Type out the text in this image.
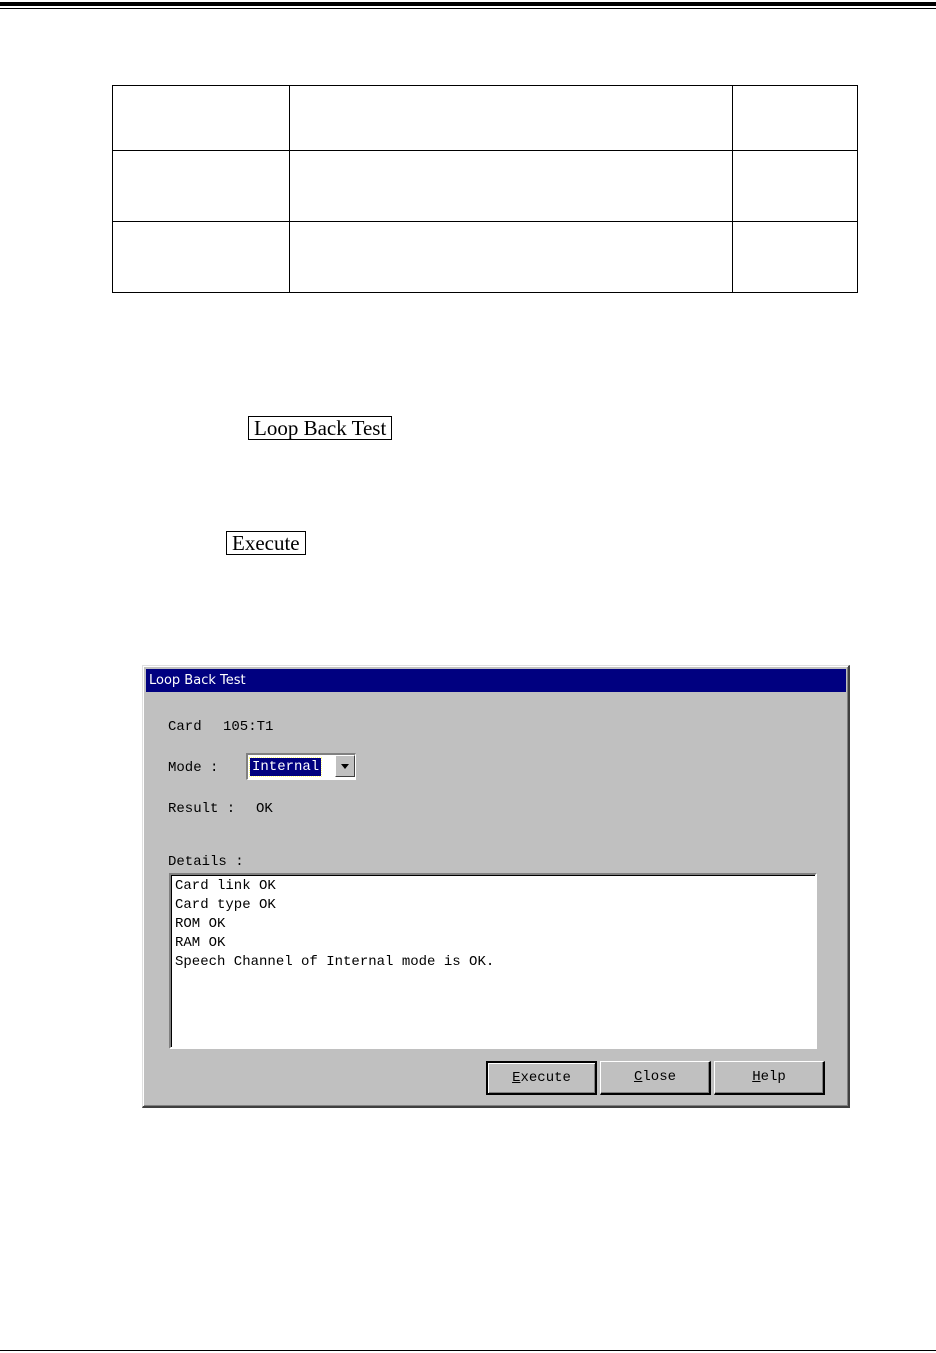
Loop Back Test
Execute
Loop Back Test
Card 105:T1
Mode : Internal
Result : OK
Details :
Card link OK
Card type OK
ROM OK
RAM OK
Speech Channel of Internal mode is OK.
Execute	Close	Help
